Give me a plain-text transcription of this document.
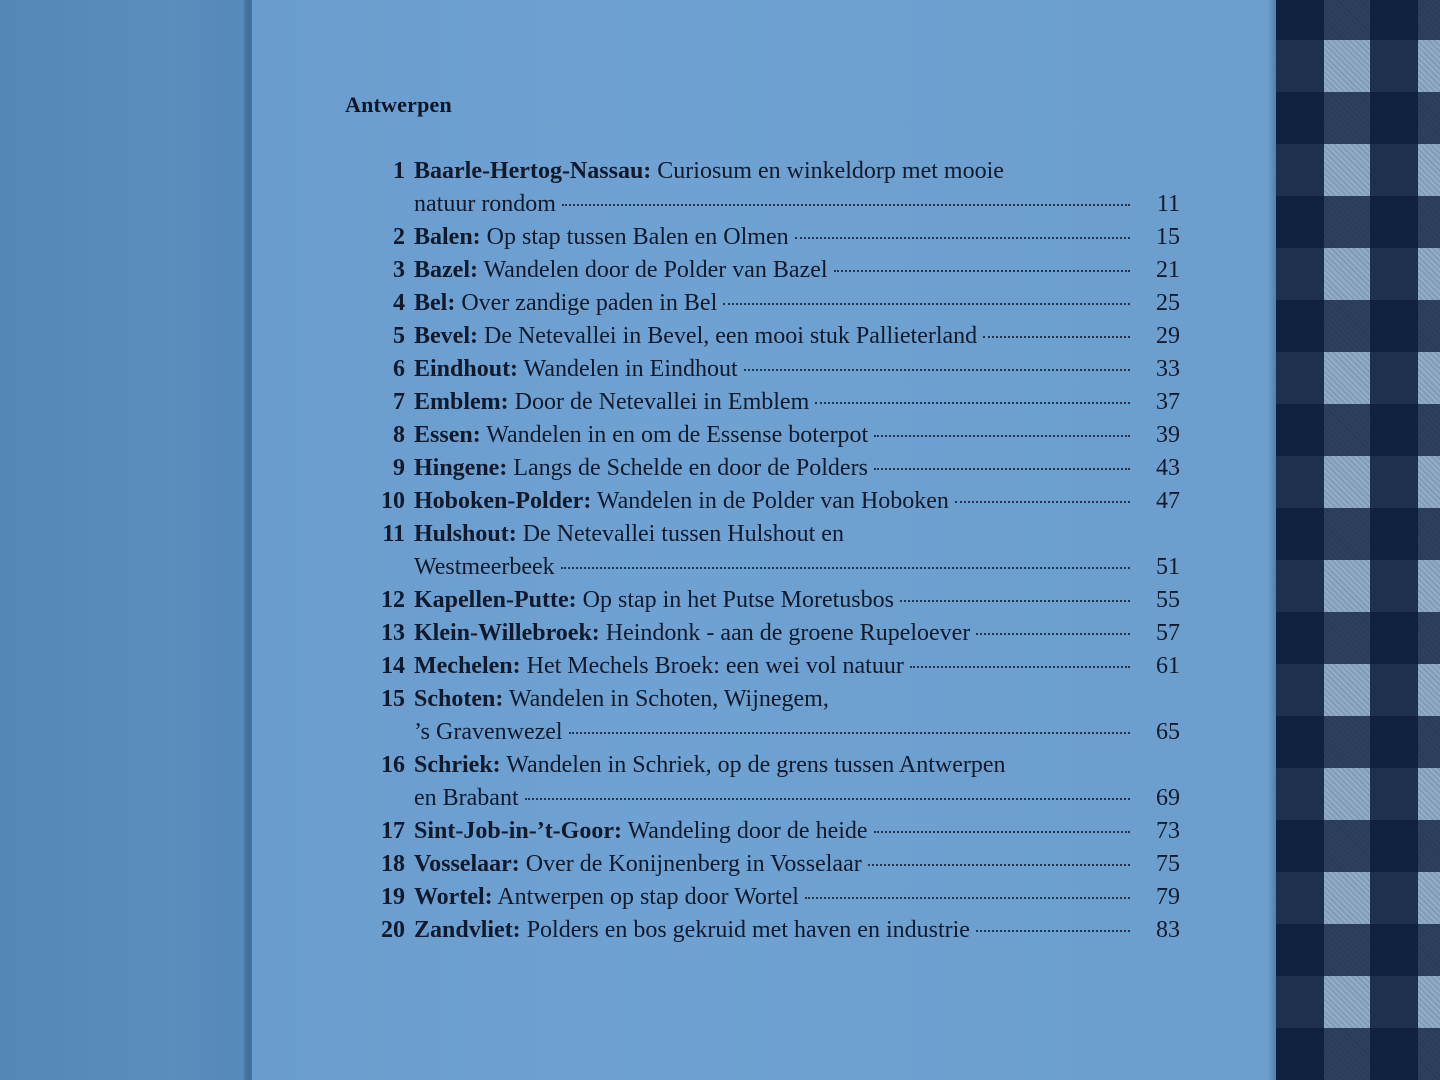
Antwerpen
1 Baarle-Hertog-Nassau: Curiosum en winkeldorp met mooie
natuur rondom	11
2 Balen: Op stap tussen Balen en Olmen	15
3 Bazel: Wandelen door de Polder van Bazel	21
4 Bel: Over zandige paden in Bel	25
5 Bevel: De Netevallei in Bevel, een mooi stuk Pallieterland	29
6 Eindhout: Wandelen in Eindhout	33
7 Emblem: Door de Netevallei in Emblem	37
8 Essen: Wandelen in en om de Essense boterpot	39
9 Hingene: Langs de Schelde en door de Polders	43
10 Hoboken-Polder: Wandelen in de Polder van Hoboken	47
11 Hulshout: De Netevallei tussen Hulshout en
Westmeerbeek	51
12 Kapellen-Putte: Op stap in het Putse Moretusbos	55
13 Klein-Willebroek: Heindonk - aan de groene Rupeloever	57
14 Mechelen: Het Mechels Broek: een wei vol natuur	61
15 Schoten: Wandelen in Schoten, Wijnegem,
’s Gravenwezel	65
16 Schriek: Wandelen in Schriek, op de grens tussen Antwerpen
en Brabant	69
17 Sint-Job-in-’t-Goor: Wandeling door de heide	73
18 Vosselaar: Over de Konijnenberg in Vosselaar	75
19 Wortel: Antwerpen op stap door Wortel	79
20 Zandvliet: Polders en bos gekruid met haven en industrie	83
